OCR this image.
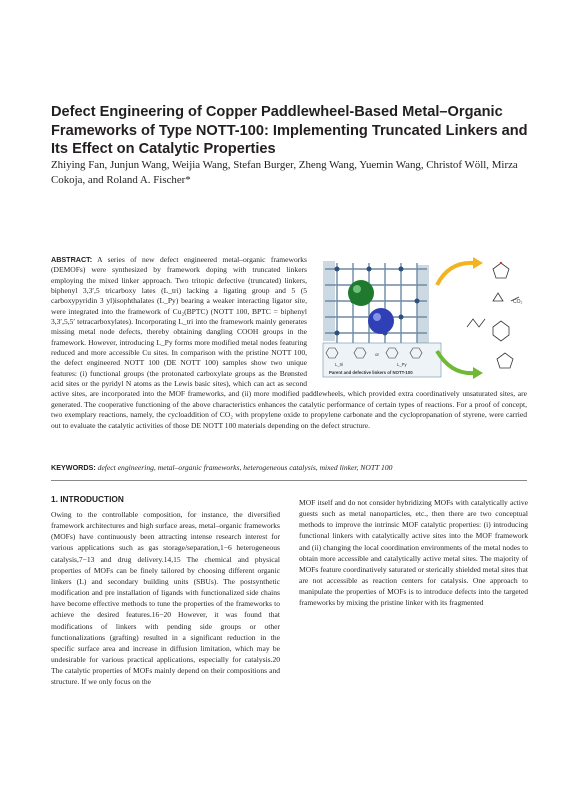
Defect Engineering of Copper Paddlewheel-Based Metal–Organic Frameworks of Type NOTT-100: Implementing Truncated Linkers and Its Effect on Catalytic Properties

Zhiying Fan, Junjun Wang, Weijia Wang, Stefan Burger, Zheng Wang, Yuemin Wang, Christof Wöll, Mirza Cokoja, and Roland A. Fischer*

or
L_tri	L_Py
Parent and defective linkers of NOTT-100
CO₂
ABSTRACT: A series of new defect engineered metal–organic frameworks (DEMOFs) were synthesized by framework doping with truncated linkers employing the mixed linker approach. Two tritopic defective (truncated) linkers, biphenyl 3,3′,5 tricarboxy lates (L_tri) lacking a ligating group and 5 (5 carboxypyridin 3 yl)isophthalates (L_Py) bearing a weaker interacting ligator site, were integrated into the framework of Cu₂(BPTC) (NOTT 100, BPTC = biphenyl 3,3′,5,5′ tetracarboxylates). Incorporating L_tri into the framework mainly generates missing metal node defects, thereby obtaining dangling COOH groups in the framework. However, introducing L_Py forms more modified metal nodes featuring reduced and more accessible Cu sites. In comparison with the pristine NOTT 100, the defect engineered NOTT 100 (DE NOTT 100) samples show two unique features: (i) functional groups (the protonated carboxylate groups as the Brønsted acid sites or the pyridyl N atoms as the Lewis basic sites), which can act as second active sites, are incorporated into the MOF frameworks, and (ii) more modified paddlewheels, which provided extra coordinatively unsaturated sites, are generated. The cooperative functioning of the above characteristics enhances the catalytic performance of certain types of reactions. For a proof of concept, two exemplary reactions, namely, the cycloaddition of CO₂ with propylene oxide to propylene carbonate and the cyclopropanation of styrene, were carried out to evaluate the catalytic activities of those DE NOTT 100 materials depending on the defect structure.

KEYWORDS: defect engineering, metal–organic frameworks, heterogeneous catalysis, mixed linker, NOTT 100

1. INTRODUCTION

Owing to the controllable composition, for instance, the diversified framework architectures and high surface areas, metal–organic frameworks (MOFs) have continuously been attracting intense research interest for various applications such as gas storage/separation,1−6 heterogeneous catalysis,7−13 and drug delivery.14,15 The chemical and physical properties of MOFs can be finely tailored by choosing different organic linkers (L) and secondary building units (SBUs). The postsynthetic modification and pre installation of ligands with functionalized side chains have become effective methods to tune the properties of the frameworks to achieve the desired features.16−20 However, it was found that modifications of linkers with pending side groups or other functionalizations (grafting) resulted in a significant reduction in the specific surface area and increase in diffusion limitation, which may be undesirable for various practical applications, especially for catalysis.20 The catalytic properties of MOFs mainly depend on their compositions and structure. If we only focus on the

MOF itself and do not consider hybridizing MOFs with catalytically active guests such as metal nanoparticles, etc., then there are two conceptual methods to improve the intrinsic MOF catalytic properties: (i) introducing functional linkers with catalytically active sites into the MOF framework and (ii) changing the local coordination environments of the metal nodes to obtain more accessible and catalytically active metal sites. The majority of MOFs feature coordinatively saturated or sterically shielded metal sites that are not accessible as reaction centers for catalysis. One approach to manipulate the properties of MOFs is to introduce defects into the targeted frameworks by mixing the pristine linker with its fragmented
